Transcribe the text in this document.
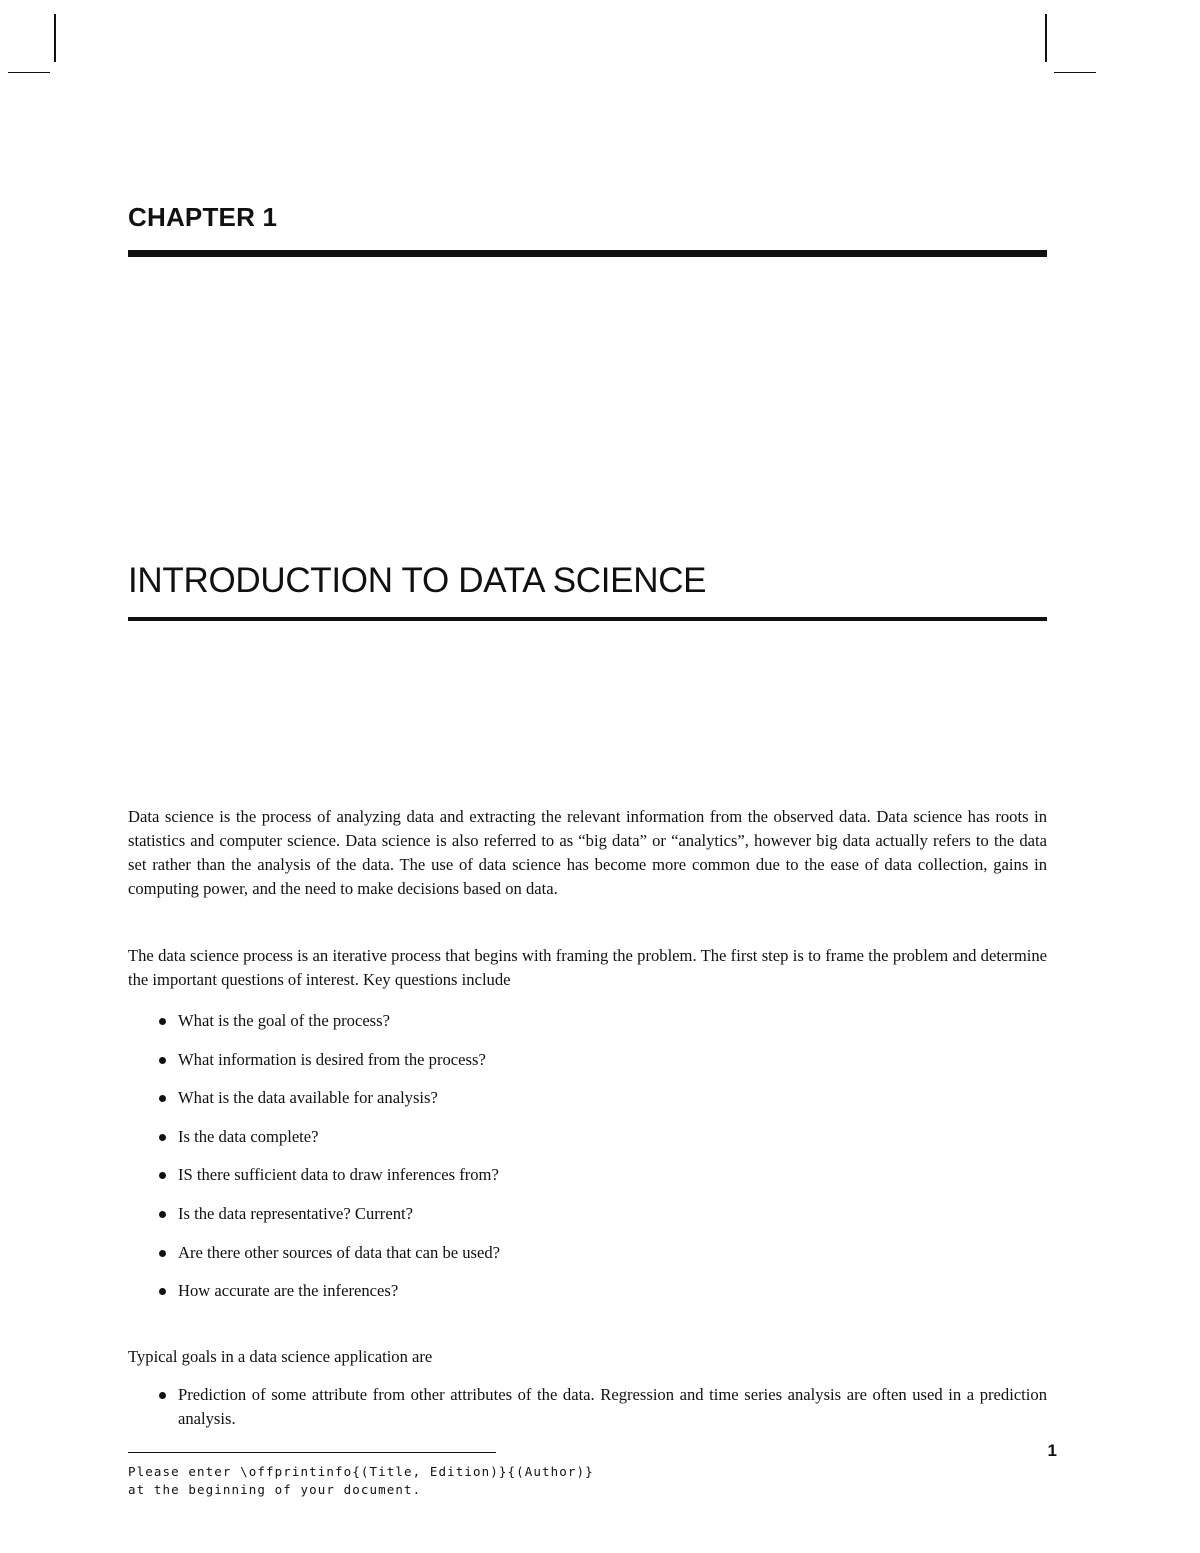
CHAPTER 1
INTRODUCTION TO DATA SCIENCE

Data science is the process of analyzing data and extracting the relevant information from the observed data. Data science has roots in statistics and computer science. Data science is also referred to as “big data” or “analytics”, however big data actually refers to the data set rather than the analysis of the data. The use of data science has become more common due to the ease of data collection, gains in computing power, and the need to make decisions based on data.

The data science process is an iterative process that begins with framing the problem. The first step is to frame the problem and determine the important questions of interest. Key questions include

What is the goal of the process?
What information is desired from the process?
What is the data available for analysis?
Is the data complete?
IS there sufficient data to draw inferences from?
Is the data representative? Current?
Are there other sources of data that can be used?
How accurate are the inferences?

Typical goals in a data science application are

Prediction of some attribute from other attributes of the data. Regression and time series analysis are often used in a prediction analysis.
1
Please enter \offprintinfo{(Title, Edition)}{(Author)}
at the beginning of your document.
